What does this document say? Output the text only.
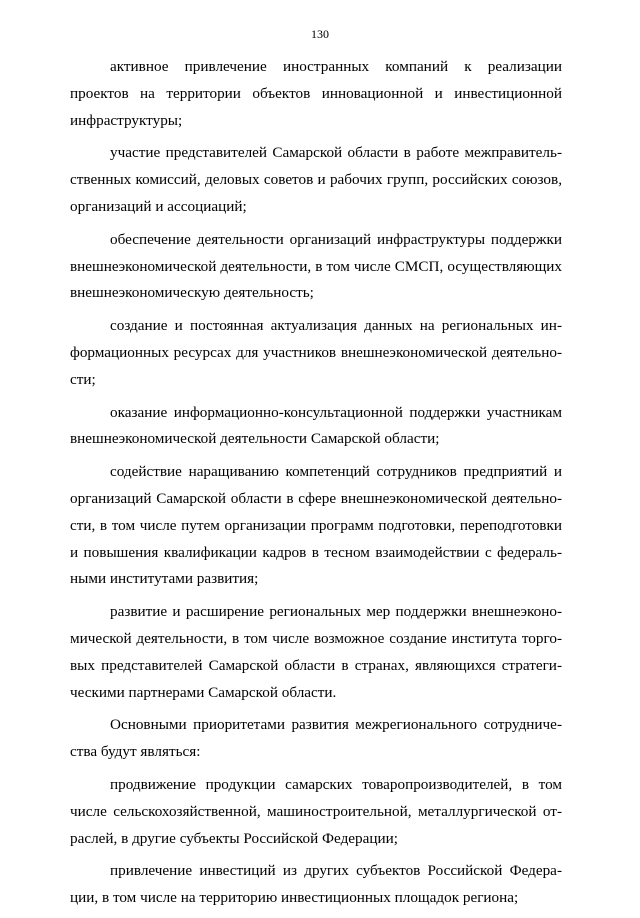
130

активное привлечение иностранных компаний к реализации проектов на территории объектов инновационной и инвестиционной инфраструктуры;

участие представителей Самарской области в работе межправительственных комиссий, деловых советов и рабочих групп, российских союзов, организаций и ассоциаций;

обеспечение деятельности организаций инфраструктуры поддержки внешнеэкономической деятельности, в том числе СМСП, осуществляющих внешнеэкономическую деятельность;

создание и постоянная актуализация данных на региональных информационных ресурсах для участников внешнеэкономической деятельности;

оказание информационно-консультационной поддержки участникам внешнеэкономической деятельности Самарской области;

содействие наращиванию компетенций сотрудников предприятий и организаций Самарской области в сфере внешнеэкономической деятельности, в том числе путем организации программ подготовки, переподготовки и повышения квалификации кадров в тесном взаимодействии с федеральными институтами развития;

развитие и расширение региональных мер поддержки внешнеэкономической деятельности, в том числе возможное создание института торговых представителей Самарской области в странах, являющихся стратегическими партнерами Самарской области.

Основными приоритетами развития межрегионального сотрудничества будут являться:

продвижение продукции самарских товаропроизводителей, в том числе сельскохозяйственной, машиностроительной, металлургической отраслей, в другие субъекты Российской Федерации;

привлечение инвестиций из других субъектов Российской Федерации, в том числе на территорию инвестиционных площадок региона;
